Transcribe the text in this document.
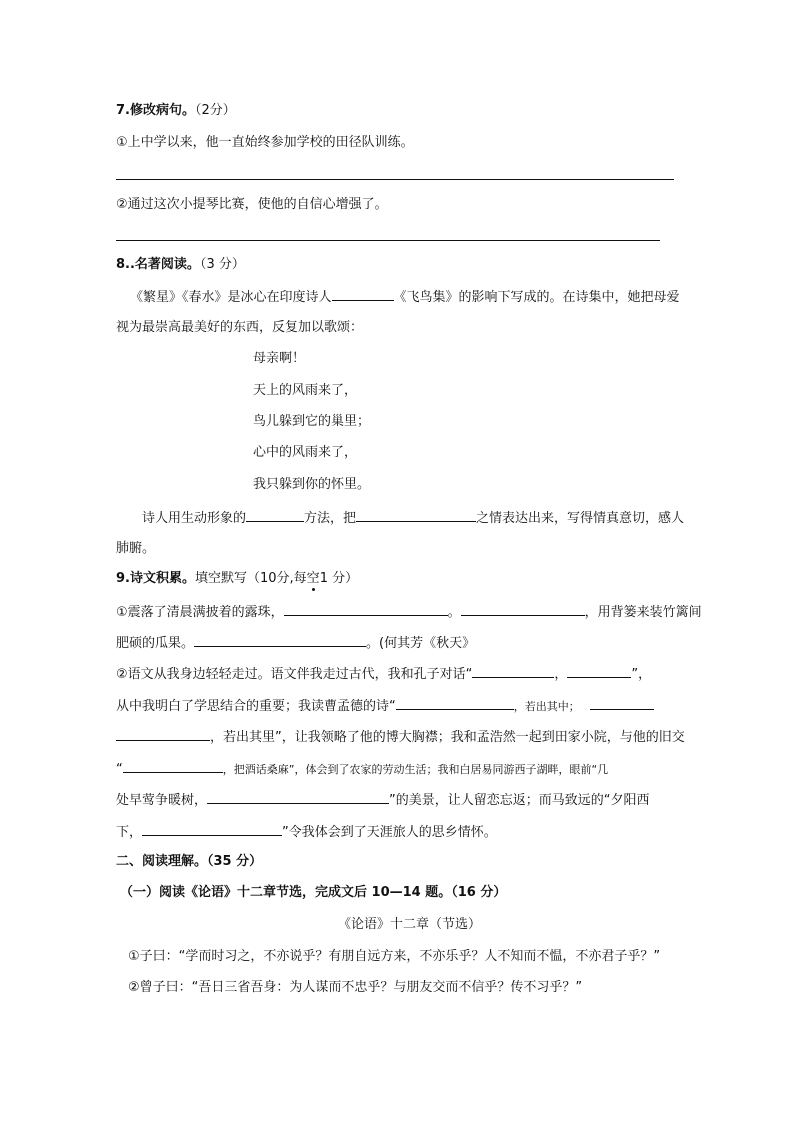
7.修改病句。（2分）
①上中学以来，他一直始终参加学校的田径队训练。
②通过这次小提琴比赛，使他的自信心增强了。
8..名著阅读。（3 分）
《繁星》《春水》是冰心在印度诗人	《飞鸟集》的影响下写成的。在诗集中，她把母爱
视为最崇高最美好的东西，反复加以歌颂：
母亲啊！
天上的风雨来了，
鸟儿躲到它的巢里；
心中的风雨来了，
我只躲到你的怀里。
诗人用生动形象的	方法，把	之情表达出来，写得情真意切，感人
肺腑。
9.诗文积累。填空默写（10分,每空1 分）
①震落了清晨满披着的露珠，	。	，用背篓来装竹篱间
肥硕的瓜果。	。(何其芳《秋天》
②语文从我身边轻轻走过。语文伴我走过古代，我和孔子对话“	，	”，
从中我明白了学思结合的重要；我读曹孟德的诗“	，若出其中；
，若出其里”，让我领略了他的博大胸襟；我和孟浩然一起到田家小院，与他的旧交
“	，把酒话桑麻”，体会到了农家的劳动生活；我和白居易同游西子湖畔，眼前“几
处早莺争暖树，	”的美景，让人留恋忘返；而马致远的“夕阳西
下，	”令我体会到了天涯旅人的思乡情怀。
二、阅读理解。（35 分）
（一）阅读《论语》十二章节选，完成文后 10—14 题。（16 分）
《论语》十二章（节选）
①子曰：“学而时习之，不亦说乎？有朋自远方来，不亦乐乎？人不知而不愠，不亦君子乎？”
②曾子曰：“吾日三省吾身：为人谋而不忠乎？与朋友交而不信乎？传不习乎？”
